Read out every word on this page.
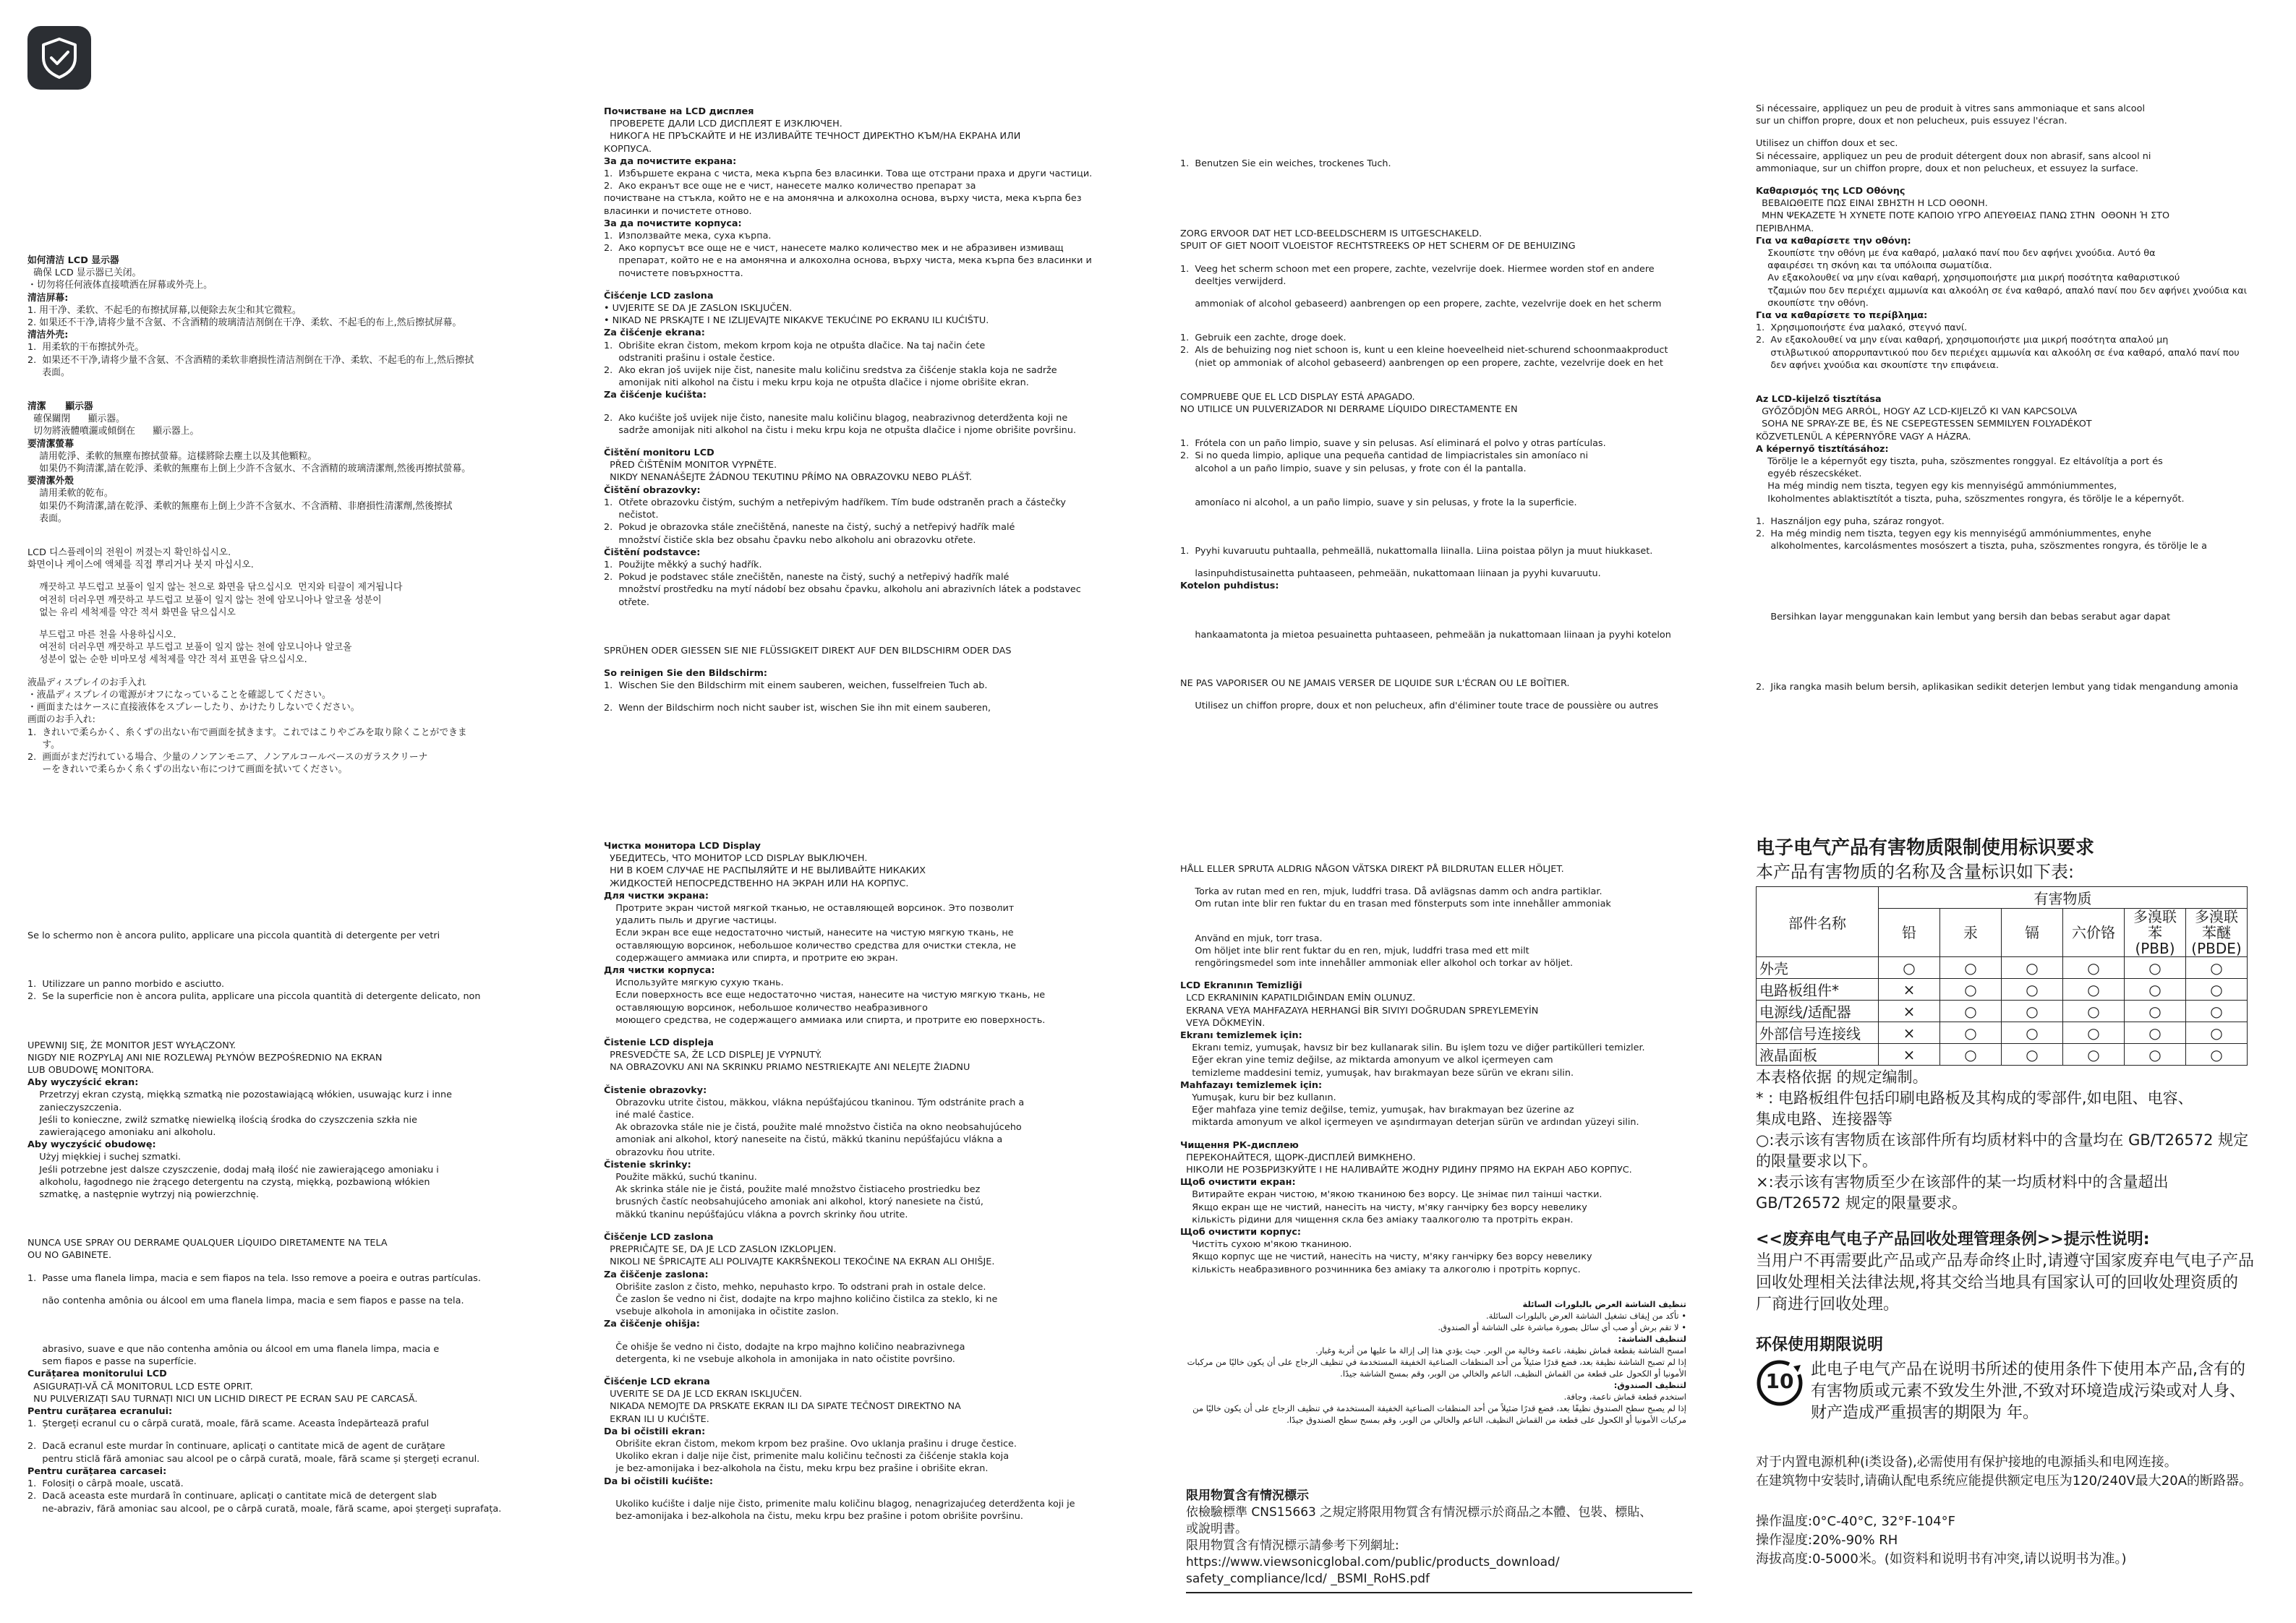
如何清洁 LCD 显示器

确保 LCD 显示器已关闭。

・切勿将任何液体直接喷洒在屏幕或外壳上。

清洁屏幕:

1. 用干净、柔软、不起毛的布擦拭屏幕,以便除去灰尘和其它微粒。

2. 如果还不干净,请将少量不含氨、不含酒精的玻璃清洁剂倒在干净、柔软、不起毛的布上,然后擦拭屏幕。

清洁外壳:

1.  用柔软的干布擦拭外壳。

2.  如果还不干净,请将少量不含氨、不含酒精的柔软非磨损性清洁剂倒在干净、柔软、不起毛的布上,然后擦拭

表面。

清潔      顯示器

確保關閉      顯示器。

切勿將液體噴灑或傾倒在      顯示器上。

要清潔螢幕

請用乾淨、柔軟的無塵布擦拭螢幕。這樣將除去塵土以及其他顆粒。

如果仍不夠清潔,請在乾淨、柔軟的無塵布上倒上少許不含氨水、不含酒精的玻璃清潔劑,然後再擦拭螢幕。

要清潔外殼

請用柔軟的乾布。

如果仍不夠清潔,請在乾淨、柔軟的無塵布上倒上少許不含氨水、不含酒精、非磨損性清潔劑,然後擦拭

表面。

LCD 디스플레이의 전원이 꺼졌는지 확인하십시오.

화면이나 케이스에 액체를 직접 뿌리거나 붓지 마십시오.

깨끗하고 부드럽고 보풀이 일지 않는 천으로 화면을 닦으십시오  먼지와 티끌이 제거됩니다

여전히 더러우면 깨끗하고 부드럽고 보풀이 일지 않는 천에 암모니아나 알코올 성분이

없는 유리 세척제를 약간 적셔 화면을 닦으십시오

부드럽고 마른 천을 사용하십시오.

여전히 더러우면 깨끗하고 부드럽고 보풀이 일지 않는 천에 암모니아나 알코올

성분이 없는 순한 비마모성 세척제를 약간 적셔 표면을 닦으십시오.

液晶ディスプレイのお手入れ

・液晶ディスプレイの電源がオフになっていることを確認してください。

・画面またはケースに直接液体をスプレーしたり、かけたりしないでください。

画面のお手入れ:

1.  きれいで柔らかく、糸くずの出ない布で画面を拭きます。これではこりやごみを取り除くことができま

す。

2.  画面がまだ汚れている場合、少量のノンアンモニア、ノンアルコールベースのガラスクリーナ

ーをきれいで柔らかく糸くずの出ない布につけて画面を拭いてください。

Se lo schermo non è ancora pulito, applicare una piccola quantità di detergente per vetri

1.  Utilizzare un panno morbido e asciutto.

2.  Se la superficie non è ancora pulita, applicare una piccola quantità di detergente delicato, non

UPEWNIJ SIĘ, ŻE MONITOR JEST WYŁĄCZONY.

NIGDY NIE ROZPYLAJ ANI NIE ROZLEWAJ PŁYNÓW BEZPOŚREDNIO NA EKRAN

LUB OBUDOWĘ MONITORA.

Aby wyczyścić ekran:

Przetrzyj ekran czystą, miękką szmatką nie pozostawiającą włókien, usuwając kurz i inne

zanieczyszczenia.

Jeśli to konieczne, zwilż szmatkę niewielką ilością środka do czyszczenia szkła nie

zawierającego amoniaku ani alkoholu.

Aby wyczyścić obudowę:

Użyj miękkiej i suchej szmatki.

Jeśli potrzebne jest dalsze czyszczenie, dodaj małą ilość nie zawierającego amoniaku i

alkoholu, łagodnego nie żrącego detergentu na czystą, miękką, pozbawioną włókien

szmatkę, a następnie wytrzyj nią powierzchnię.

NUNCA USE SPRAY OU DERRAME QUALQUER LÍQUIDO DIRETAMENTE NA TELA

OU NO GABINETE.

1.  Passe uma flanela limpa, macia e sem fiapos na tela. Isso remove a poeira e outras partículas.

não contenha amônia ou álcool em uma flanela limpa, macia e sem fiapos e passe na tela.

abrasivo, suave e que não contenha amônia ou álcool em uma flanela limpa, macia e

sem fiapos e passe na superfície.

Curățarea monitorului LCD

ASIGURAȚI-VĂ CĂ MONITORUL LCD ESTE OPRIT.

NU PULVERIZAȚI SAU TURNAȚI NICI UN LICHID DIRECT PE ECRAN SAU PE CARCASĂ.

Pentru curățarea ecranului:

1.  Ștergeți ecranul cu o cârpă curată, moale, fără scame. Aceasta îndepărtează praful

2.  Dacă ecranul este murdar în continuare, aplicați o cantitate mică de agent de curățare

pentru sticlă fără amoniac sau alcool pe o cârpă curată, moale, fără scame și ștergeți ecranul.

Pentru curățarea carcasei:

1.  Folosiți o cârpă moale, uscată.

2.  Dacă aceasta este murdară în continuare, aplicați o cantitate mică de detergent slab

ne-abraziv, fără amoniac sau alcool, pe o cârpă curată, moale, fără scame, apoi ștergeți suprafața.

Почистване на LCD дисплея

ПРОВЕРЕТЕ ДАЛИ LCD ДИСПЛЕЯТ Е ИЗКЛЮЧЕН.

НИКОГА НЕ ПРЪСКАЙТЕ И НЕ ИЗЛИВАЙТЕ ТЕЧНОСТ ДИРЕКТНО КЪМ/НА ЕКРАНА ИЛИ

КОРПУСА.

За да почистите екрана:

1.  Избършете екрана с чиста, мека кърпа без власинки. Това ще отстрани праха и други частици.

2.  Ако екранът все още не е чист, нанесете малко количество препарат за

почистване на стъкла, който не е на амонячна и алкохолна основа, върху чиста, мека кърпа без

власинки и почистете отново.

За да почистите корпуса:

1.  Използвайте мека, суха кърпа.

2.  Ако корпусът все още не е чист, нанесете малко количество мек и не абразивен измиващ

препарат, който не е на амонячна и алкохолна основа, върху чиста, мека кърпа без власинки и

почистете повърхността.

Čišćenje LCD zaslona

• UVJERITE SE DA JE ZASLON ISKLJUČEN.

• NIKAD NE PRSKAJTE I NE IZLIJEVAJTE NIKAKVE TEKUĆINE PO EKRANU ILI KUĆIŠTU.

Za čišćenje ekrana:

1.  Obrišite ekran čistom, mekom krpom koja ne otpušta dlačice. Na taj način ćete

odstraniti prašinu i ostale čestice.

2.  Ako ekran još uvijek nije čist, nanesite malu količinu sredstva za čišćenje stakla koja ne sadrže

amonijak niti alkohol na čistu i meku krpu koja ne otpušta dlačice i njome obrišite ekran.

Za čišćenje kućišta:

2.  Ako kućište još uvijek nije čisto, nanesite malu količinu blagog, neabrazivnog deterdženta koji ne

sadrže amonijak niti alkohol na čistu i meku krpu koja ne otpušta dlačice i njome obrišite površinu.

Čištění monitoru LCD

PŘED ČIŠTĚNÍM MONITOR VYPNĚTE.

NIKDY NENANÁŠEJTE ŽÁDNOU TEKUTINU PŘÍMO NA OBRAZOVKU NEBO PLÁŠŤ.

Čištění obrazovky:

1.  Otřete obrazovku čistým, suchým a netřepivým hadříkem. Tím bude odstraněn prach a částečky

nečistot.

2.  Pokud je obrazovka stále znečištěná, naneste na čistý, suchý a netřepivý hadřík malé

množství čističe skla bez obsahu čpavku nebo alkoholu ani obrazovku otřete.

Čištění podstavce:

1.  Použijte měkký a suchý hadřík.

2.  Pokud je podstavec stále znečištěn, naneste na čistý, suchý a netřepivý hadřík malé

množství prostředku na mytí nádobí bez obsahu čpavku, alkoholu ani abrazivních látek a podstavec

otřete.

SPRÜHEN ODER GIESSEN SIE NIE FLÜSSIGKEIT DIREKT AUF DEN BILDSCHIRM ODER DAS

So reinigen Sie den Bildschirm:

1.  Wischen Sie den Bildschirm mit einem sauberen, weichen, fusselfreien Tuch ab.

2.  Wenn der Bildschirm noch nicht sauber ist, wischen Sie ihn mit einem sauberen,

Чистка монитора LCD Display

УБЕДИТЕСЬ, ЧТО МОНИТОР LCD DISPLAY ВЫКЛЮЧЕН.

НИ В КОЕМ СЛУЧАЕ НЕ РАСПЫЛЯЙТЕ И НЕ ВЫЛИВАЙТЕ НИКАКИХ

ЖИДКОСТЕЙ НЕПОСРЕДСТВЕННО НА ЭКРАН ИЛИ НА КОРПУС.

Для чистки экрана:

Протрите экран чистой мягкой тканью, не оставляющей ворсинок. Это позволит

удалить пыль и другие частицы.

Если экран все еще недостаточно чистый, нанесите на чистую мягкую ткань, не

оставляющую ворсинок, небольшое количество средства для очистки стекла, не

содержащего аммиака или спирта, и протрите ею экран.

Для чистки корпуса:

Используйте мягкую сухую ткань.

Если поверхность все еще недостаточно чистая, нанесите на чистую мягкую ткань, не

оставляющую ворсинок, небольшое количество неабразивного

моющего средства, не содержащего аммиака или спирта, и протрите ею поверхность.

Čistenie LCD displeja

PRESVEDČTE SA, ŽE LCD DISPLEJ JE VYPNUTÝ.

NA OBRAZOVKU ANI NA SKRINKU PRIAMO NESTRIEKAJTE ANI NELEJTE ŽIADNU

Čistenie obrazovky:

Obrazovku utrite čistou, mäkkou, vlákna nepúšťajúcou tkaninou. Tým odstránite prach a

iné malé častice.

Ak obrazovka stále nie je čistá, použite malé množstvo čističa na okno neobsahujúceho

amoniak ani alkohol, ktorý naneseite na čistú, mäkkú tkaninu nepúšťajúcu vlákna a

obrazovku ňou utrite.

Čistenie skrinky:

Použite mäkkú, suchú tkaninu.

Ak skrinka stále nie je čistá, použite malé množstvo čistiaceho prostriedku bez

brusných častíc neobsahujúceho amoniak ani alkohol, ktorý nanesiete na čistú,

mäkkú tkaninu nepúšťajúcu vlákna a povrch skrinky ňou utrite.

Čiščenje LCD zaslona

PREPRIČAJTE SE, DA JE LCD ZASLON IZKLOPLJEN.

NIKOLI NE ŠPRICAJTE ALI POLIVAJTE KAKRŠNEKOLI TEKOČINE NA EKRAN ALI OHIŠJE.

Za čiščenje zaslona:

Obrišite zaslon z čisto, mehko, nepuhasto krpo. To odstrani prah in ostale delce.

Če zaslon še vedno ni čist, dodajte na krpo majhno količino čistilca za steklo, ki ne

vsebuje alkohola in amonijaka in očistite zaslon.

Za čiščenje ohišja:

Če ohišje še vedno ni čisto, dodajte na krpo majhno količino neabrazivnega

detergenta, ki ne vsebuje alkohola in amonijaka in nato očistite površino.

Čišćenje LCD ekrana

UVERITE SE DA JE LCD EKRAN ISKLJUČEN.

NIKADA NEMOJTE DA PRSKATE EKRAN ILI DA SIPATE TEČNOST DIREKTNO NA

EKRAN ILI U KUĆIŠTE.

Da bi očistili ekran:

Obrišite ekran čistom, mekom krpom bez prašine. Ovo uklanja prašinu i druge čestice.

Ukoliko ekran i dalje nije čist, primenite malu količinu tečnosti za čišćenje stakla koja

je bez-amonijaka i bez-alkohola na čistu, meku krpu bez prašine i obrišite ekran.

Da bi očistili kućište:

Ukoliko kućište i dalje nije čisto, primenite malu količinu blagog, nenagrizajućeg deterdženta koji je

bez-amonijaka i bez-alkohola na čistu, meku krpu bez prašine i potom obrišite površinu.

1.  Benutzen Sie ein weiches, trockenes Tuch.

ZORG ERVOOR DAT HET LCD-BEELDSCHERM IS UITGESCHAKELD.

SPUIT OF GIET NOOIT VLOEISTOF RECHTSTREEKS OP HET SCHERM OF DE BEHUIZING

1.  Veeg het scherm schoon met een propere, zachte, vezelvrije doek. Hiermee worden stof en andere

deeltjes verwijderd.

ammoniak of alcohol gebaseerd) aanbrengen op een propere, zachte, vezelvrije doek en het scherm

1.  Gebruik een zachte, droge doek.

2.  Als de behuizing nog niet schoon is, kunt u een kleine hoeveelheid niet-schurend schoonmaakproduct

(niet op ammoniak of alcohol gebaseerd) aanbrengen op een propere, zachte, vezelvrije doek en het

COMPRUEBE QUE EL LCD DISPLAY ESTÁ APAGADO.

NO UTILICE UN PULVERIZADOR NI DERRAME LÍQUIDO DIRECTAMENTE EN

1.  Frótela con un paño limpio, suave y sin pelusas. Así eliminará el polvo y otras partículas.

2.  Si no queda limpio, aplique una pequeña cantidad de limpiacristales sin amoníaco ni

alcohol a un paño limpio, suave y sin pelusas, y frote con él la pantalla.

amoníaco ni alcohol, a un paño limpio, suave y sin pelusas, y frote la la superficie.

1.  Pyyhi kuvaruutu puhtaalla, pehmeällä, nukattomalla liinalla. Liina poistaa pölyn ja muut hiukkaset.

lasinpuhdistusainetta puhtaaseen, pehmeään, nukattomaan liinaan ja pyyhi kuvaruutu.

Kotelon puhdistus:

hankaamatonta ja mietoa pesuainetta puhtaaseen, pehmeään ja nukattomaan liinaan ja pyyhi kotelon

NE PAS VAPORISER OU NE JAMAIS VERSER DE LIQUIDE SUR L'ÉCRAN OU LE BOÎTIER.

Utilisez un chiffon propre, doux et non pelucheux, afin d'éliminer toute trace de poussière ou autres

HÅLL ELLER SPRUTA ALDRIG NÅGON VÄTSKA DIREKT PÅ BILDRUTAN ELLER HÖLJET.

Torka av rutan med en ren, mjuk, luddfri trasa. Då avlägsnas damm och andra partiklar.

Om rutan inte blir ren fuktar du en trasan med fönsterputs som inte innehåller ammoniak

Använd en mjuk, torr trasa.

Om höljet inte blir rent fuktar du en ren, mjuk, luddfri trasa med ett milt

rengöringsmedel som inte innehåller ammoniak eller alkohol och torkar av höljet.

LCD Ekranının Temizliği

LCD EKRANININ KAPATILDIĞINDAN EMİN OLUNUZ.

EKRANA VEYA MAHFAZAYA HERHANGİ BİR SIVIYI DOĞRUDAN SPREYLEMEYİN

VEYA DÖKMEYİN.

Ekranı temizlemek için:

Ekranı temiz, yumuşak, havsız bir bez kullanarak silin. Bu işlem tozu ve diğer partikülleri temizler.

Eğer ekran yine temiz değilse, az miktarda amonyum ve alkol içermeyen cam

temizleme maddesini temiz, yumuşak, hav bırakmayan beze sürün ve ekranı silin.

Mahfazayı temizlemek için:

Yumuşak, kuru bir bez kullanın.

Eğer mahfaza yine temiz değilse, temiz, yumuşak, hav bırakmayan bez üzerine az

miktarda amonyum ve alkol içermeyen ve aşındırmayan deterjan sürün ve ardından yüzeyi silin.

Чищення РК-дисплею

ПЕРЕКОНАЙТЕСЯ, ЩОРК-ДИСПЛЕЙ ВИМКНЕНО.

НІКОЛИ НЕ РОЗБРИЗКУЙТЕ І НЕ НАЛИВАЙТЕ ЖОДНУ РІДИНУ ПРЯМО НА ЕКРАН АБО КОРПУС.

Щоб очистити екран:

Витирайте екран чистою, м'якою тканиною без ворсу. Це знімає пил таінші частки.

Якщо екран ще не чистий, нанесіть на чисту, м'яку ганчірку без ворсу невелику

кількість рідини для чищення скла без аміаку таалкоголю та протріть екран.

Щоб очистити корпус:

Чистіть сухою м'якою тканиною.

Якщо корпус ще не чистий, нанесіть на чисту, м'яку ганчірку без ворсу невелику

кількість неабразивного розчинника без аміаку та алкоголю і протріть корпус.

تنظيف الشاشة العرض بالبلورات السائلة

• تأكد من إيقاف تشغيل الشاشة العرض بالبلورات السائلة.

• لا تقم برش أو صب أي سائل بصورة مباشرة على الشاشة أو الصندوق.

لتنظيف الشاشة:

امسح الشاشة بقطعة قماش نظيفة، ناعمة وخالية من الوبر. حيث يؤدي هذا إلى إزالة ما عليها من أتربة وغبار.

إذا لم تصبح الشاشة نظيفة بعد، فضع قدرًا ضئيلاً من أحد المنظفات الصناعية الخفيفة المستخدمة في تنظيف الزجاج على أن يكون خاليًا من مركبات

الأمونيا أو الكحول على قطعة من القماش النظيف، الناعم والخالي من الوبر، وقم بمسح الشاشة جيدًا.

لتنظيف الصندوق:

استخدم قطعة قماش ناعمة، وجافة.

إذا لم يصبح سطح الصندوق نظيفًا بعد، فضع قدرًا ضئيلاً من أحد المنظفات الصناعية الخفيفة المستخدمة في تنظيف الزجاج على أن يكون خاليًا من

مركبات الأمونيا أو الكحول على قطعة من القماش النظيف، الناعم والخالي من الوبر، وقم بمسح سطح الصندوق جيدًا.

限用物質含有情況標示
依檢驗標準 CNS15663 之規定將限用物質含有情況標示於商品之本體、包裝、標貼、
或說明書。
限用物質含有情況標示請參考下列網址:
https://www.viewsonicglobal.com/public/products_download/
safety_compliance/lcd/ _BSMI_RoHS.pdf

Si nécessaire, appliquez un peu de produit à vitres sans ammoniaque et sans alcool

sur un chiffon propre, doux et non pelucheux, puis essuyez l'écran.

Utilisez un chiffon doux et sec.

Si nécessaire, appliquez un peu de produit détergent doux non abrasif, sans alcool ni

ammoniaque, sur un chiffon propre, doux et non pelucheux, et essuyez la surface.

Καθαρισμός της LCD Οθόνης

ΒΕΒΑΙΩΘΕΙΤΕ ΠΩΣ ΕΙΝΑΙ ΣΒΗΣΤΗ Η LCD ΟΘΟΝΗ.

ΜΗΝ ΨΕΚΑΖΕΤΕ Ή ΧΥΝΕΤΕ ΠΟΤΕ ΚΑΠΟΙΟ ΥΓΡΟ ΑΠΕΥΘΕΙΑΣ ΠΑΝΩ ΣΤΗΝ  ΟΘΟΝΗ Ή ΣΤΟ

ΠΕΡΙΒΛΗΜΑ.

Για να καθαρίσετε την οθόνη:

Σκουπίστε την οθόνη με ένα καθαρό, μαλακό πανί που δεν αφήνει χνούδια. Αυτό θα

αφαιρέσει τη σκόνη και τα υπόλοιπα σωματίδια.

Αν εξακολουθεί να μην είναι καθαρή, χρησιμοποιήστε μια μικρή ποσότητα καθαριστικού

τζαμιών που δεν περιέχει αμμωνία και αλκοόλη σε ένα καθαρό, απαλό πανί που δεν αφήνει χνούδια και

σκουπίστε την οθόνη.

Για να καθαρίσετε το περίβλημα:

1.  Χρησιμοποιήστε ένα μαλακό, στεγνό πανί.

2.  Αν εξακολουθεί να μην είναι καθαρή, χρησιμοποιήστε μια μικρή ποσότητα απαλού μη

στιλβωτικού απορρυπαντικού που δεν περιέχει αμμωνία και αλκοόλη σε ένα καθαρό, απαλό πανί που

δεν αφήνει χνούδια και σκουπίστε την επιφάνεια.

Az LCD-kijelző tisztítása

GYŐZŐDJÖN MEG ARRÓL, HOGY AZ LCD-KIJELZŐ KI VAN KAPCSOLVA

SOHA NE SPRAY-ZE BE, ÉS NE CSEPEGTESSEN SEMMILYEN FOLYADÉKOT

KÖZVETLENÜL A KÉPERNYŐRE VAGY A HÁZRA.

A képernyő tisztításához:

Törölje le a képernyőt egy tiszta, puha, szöszmentes ronggyal. Ez eltávolítja a port és

egyéb részecskéket.

Ha még mindig nem tiszta, tegyen egy kis mennyiségű ammóniummentes,

Ikoholmentes ablaktisztítót a tiszta, puha, szöszmentes rongyra, és törölje le a képernyőt.

1.  Használjon egy puha, száraz rongyot.

2.  Ha még mindig nem tiszta, tegyen egy kis mennyiségű ammóniummentes, enyhe

alkoholmentes, karcolásmentes mosószert a tiszta, puha, szöszmentes rongyra, és törölje le a

Bersihkan layar menggunakan kain lembut yang bersih dan bebas serabut agar dapat

2.  Jika rangka masih belum bersih, aplikasikan sedikit deterjen lembut yang tidak mengandung amonia

电子电气产品有害物质限制使用标识要求
本产品有害物质的名称及含量标识如下表:
部件名称	有害物质					
	铅	汞	镉	六价铬	多溴联苯
(PBB)	多溴联苯醚
(PBDE)
外壳	○	○	○	○	○	○
电路板组件*	×	○	○	○	○	○
电源线/适配器	×	○	○	○	○	○
外部信号连接线	×	○	○	○	○	○
液晶面板	×	○	○	○	○	○
本表格依据 的规定编制。
* : 电路板组件包括印刷电路板及其构成的零部件,如电阻、电容、
集成电路、连接器等
○:表示该有害物质在该部件所有均质材料中的含量均在 GB/T26572 规定
的限量要求以下。
×:表示该有害物质至少在该部件的某一均质材料中的含量超出
GB/T26572 规定的限量要求。
<<废弃电气电子产品回收处理管理条例>>提示性说明:
当用户不再需要此产品或产品寿命终止时,请遵守国家废弃电气电子产品
回收处理相关法律法规,将其交给当地具有国家认可的回收处理资质的
厂商进行回收处理。
环保使用期限说明
10	此电子电气产品在说明书所述的使用条件下使用本产品,含有的
有害物质或元素不致发生外泄,不致对环境造成污染或对人身、
财产造成严重损害的期限为 年。
对于内置电源机种(i类设备),必需使用有保护接地的电源插头和电网连接。
在建筑物中安装时,请确认配电系统应能提供额定电压为120/240V最大20A的断路器。
操作温度:0°C-40°C, 32°F-104°F
操作湿度:20%-90% RH
海拔高度:0-5000米。(如资料和说明书有冲突,请以说明书为准。)
